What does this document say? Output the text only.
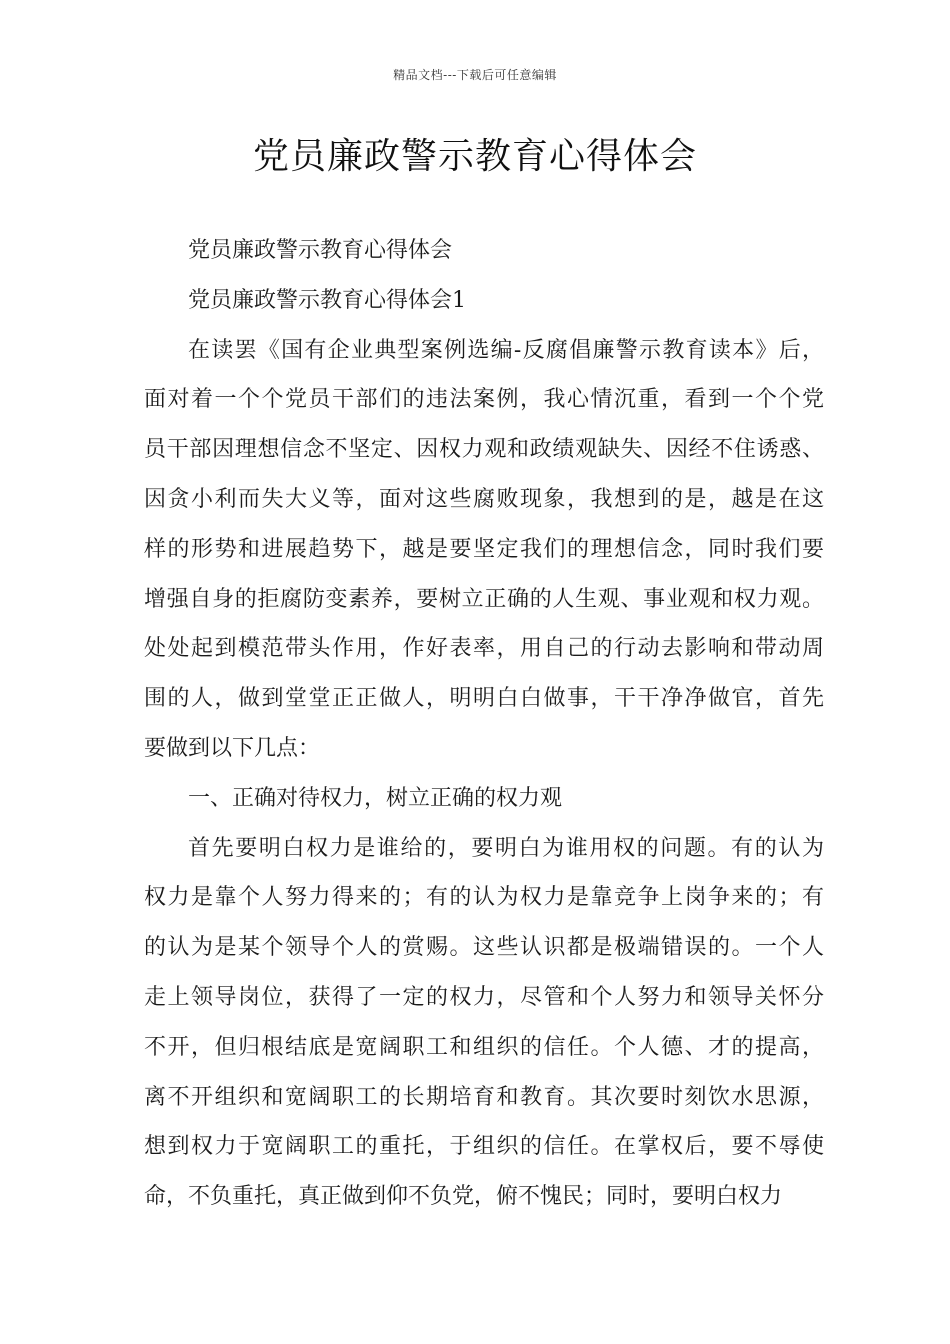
精品文档---下载后可任意编辑
党员廉政警示教育心得体会
党员廉政警示教育心得体会
党员廉政警示教育心得体会1
在读罢《国有企业典型案例选编-反腐倡廉警示教育读本》后，
面对着一个个党员干部们的违法案例，我心情沉重，看到一个个党
员干部因理想信念不坚定、因权力观和政绩观缺失、因经不住诱惑、
因贪小利而失大义等，面对这些腐败现象，我想到的是，越是在这
样的形势和进展趋势下，越是要坚定我们的理想信念，同时我们要
增强自身的拒腐防变素养，要树立正确的人生观、事业观和权力观。
处处起到模范带头作用，作好表率，用自己的行动去影响和带动周
围的人，做到堂堂正正做人，明明白白做事，干干净净做官，首先
要做到以下几点：
一、正确对待权力，树立正确的权力观
首先要明白权力是谁给的，要明白为谁用权的问题。有的认为
权力是靠个人努力得来的；有的认为权力是靠竞争上岗争来的；有
的认为是某个领导个人的赏赐。这些认识都是极端错误的。一个人
走上领导岗位，获得了一定的权力，尽管和个人努力和领导关怀分
不开，但归根结底是宽阔职工和组织的信任。个人德、才的提高，
离不开组织和宽阔职工的长期培育和教育。其次要时刻饮水思源，
想到权力于宽阔职工的重托，于组织的信任。在掌权后，要不辱使
命，不负重托，真正做到仰不负党，俯不愧民；同时，要明白权力
